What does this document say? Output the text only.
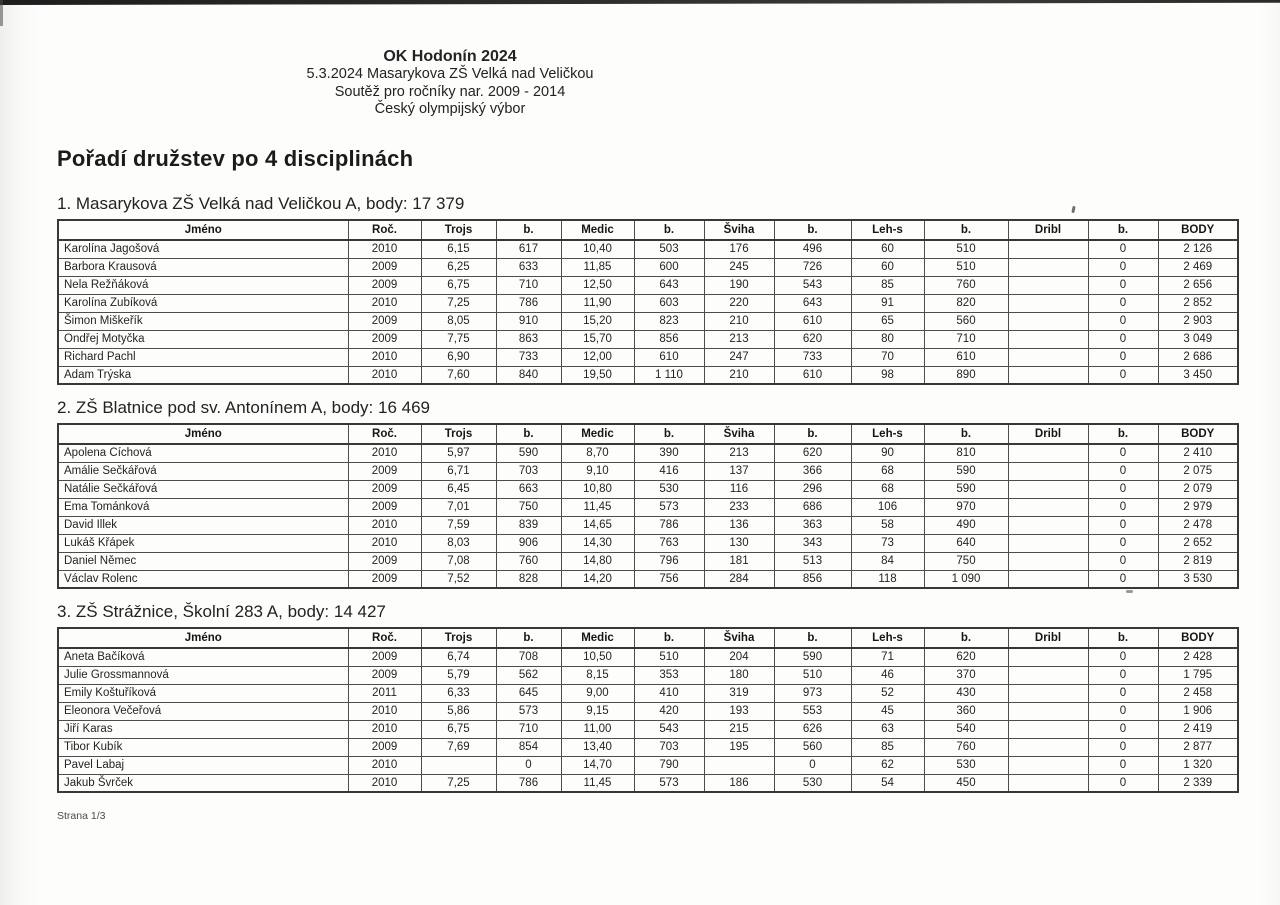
OK Hodonín 2024
5.3.2024 Masarykova ZŠ Velká nad Veličkou
Soutěž pro ročníky nar. 2009 - 2014
Český olympijský výbor
Pořadí družstev po 4 disciplinách
1. Masarykova ZŠ Velká nad Veličkou A, body: 17 379
Jméno	Roč.	Trojs	b.	Medic	b.	Šviha	b.	Leh-s	b.	Dribl	b.	BODY
Karolína Jagošová	2010	6,15	617	10,40	503	176	496	60	510		0	2 126
Barbora Krausová	2009	6,25	633	11,85	600	245	726	60	510		0	2 469
Nela Režňáková	2009	6,75	710	12,50	643	190	543	85	760		0	2 656
Karolína Zubíková	2010	7,25	786	11,90	603	220	643	91	820		0	2 852
Šimon Miškeřík	2009	8,05	910	15,20	823	210	610	65	560		0	2 903
Ondřej Motyčka	2009	7,75	863	15,70	856	213	620	80	710		0	3 049
Richard Pachl	2010	6,90	733	12,00	610	247	733	70	610		0	2 686
Adam Trýska	2010	7,60	840	19,50	1 110	210	610	98	890		0	3 450
2. ZŠ Blatnice pod sv. Antonínem A, body: 16 469
Jméno	Roč.	Trojs	b.	Medic	b.	Šviha	b.	Leh-s	b.	Dribl	b.	BODY
Apolena Cíchová	2010	5,97	590	8,70	390	213	620	90	810		0	2 410
Amálie Sečkářová	2009	6,71	703	9,10	416	137	366	68	590		0	2 075
Natálie Sečkářová	2009	6,45	663	10,80	530	116	296	68	590		0	2 079
Ema Tománková	2009	7,01	750	11,45	573	233	686	106	970		0	2 979
David Illek	2010	7,59	839	14,65	786	136	363	58	490		0	2 478
Lukáš Křápek	2010	8,03	906	14,30	763	130	343	73	640		0	2 652
Daniel Němec	2009	7,08	760	14,80	796	181	513	84	750		0	2 819
Václav Rolenc	2009	7,52	828	14,20	756	284	856	118	1 090		0	3 530
3. ZŠ Strážnice, Školní 283 A, body: 14 427
Jméno	Roč.	Trojs	b.	Medic	b.	Šviha	b.	Leh-s	b.	Dribl	b.	BODY
Aneta Bačíková	2009	6,74	708	10,50	510	204	590	71	620		0	2 428
Julie Grossmannová	2009	5,79	562	8,15	353	180	510	46	370		0	1 795
Emily Koštuříková	2011	6,33	645	9,00	410	319	973	52	430		0	2 458
Eleonora Večeřová	2010	5,86	573	9,15	420	193	553	45	360		0	1 906
Jiří Karas	2010	6,75	710	11,00	543	215	626	63	540		0	2 419
Tibor Kubík	2009	7,69	854	13,40	703	195	560	85	760		0	2 877
Pavel Labaj	2010		0	14,70	790		0	62	530		0	1 320
Jakub Švrček	2010	7,25	786	11,45	573	186	530	54	450		0	2 339
Strana 1/3
